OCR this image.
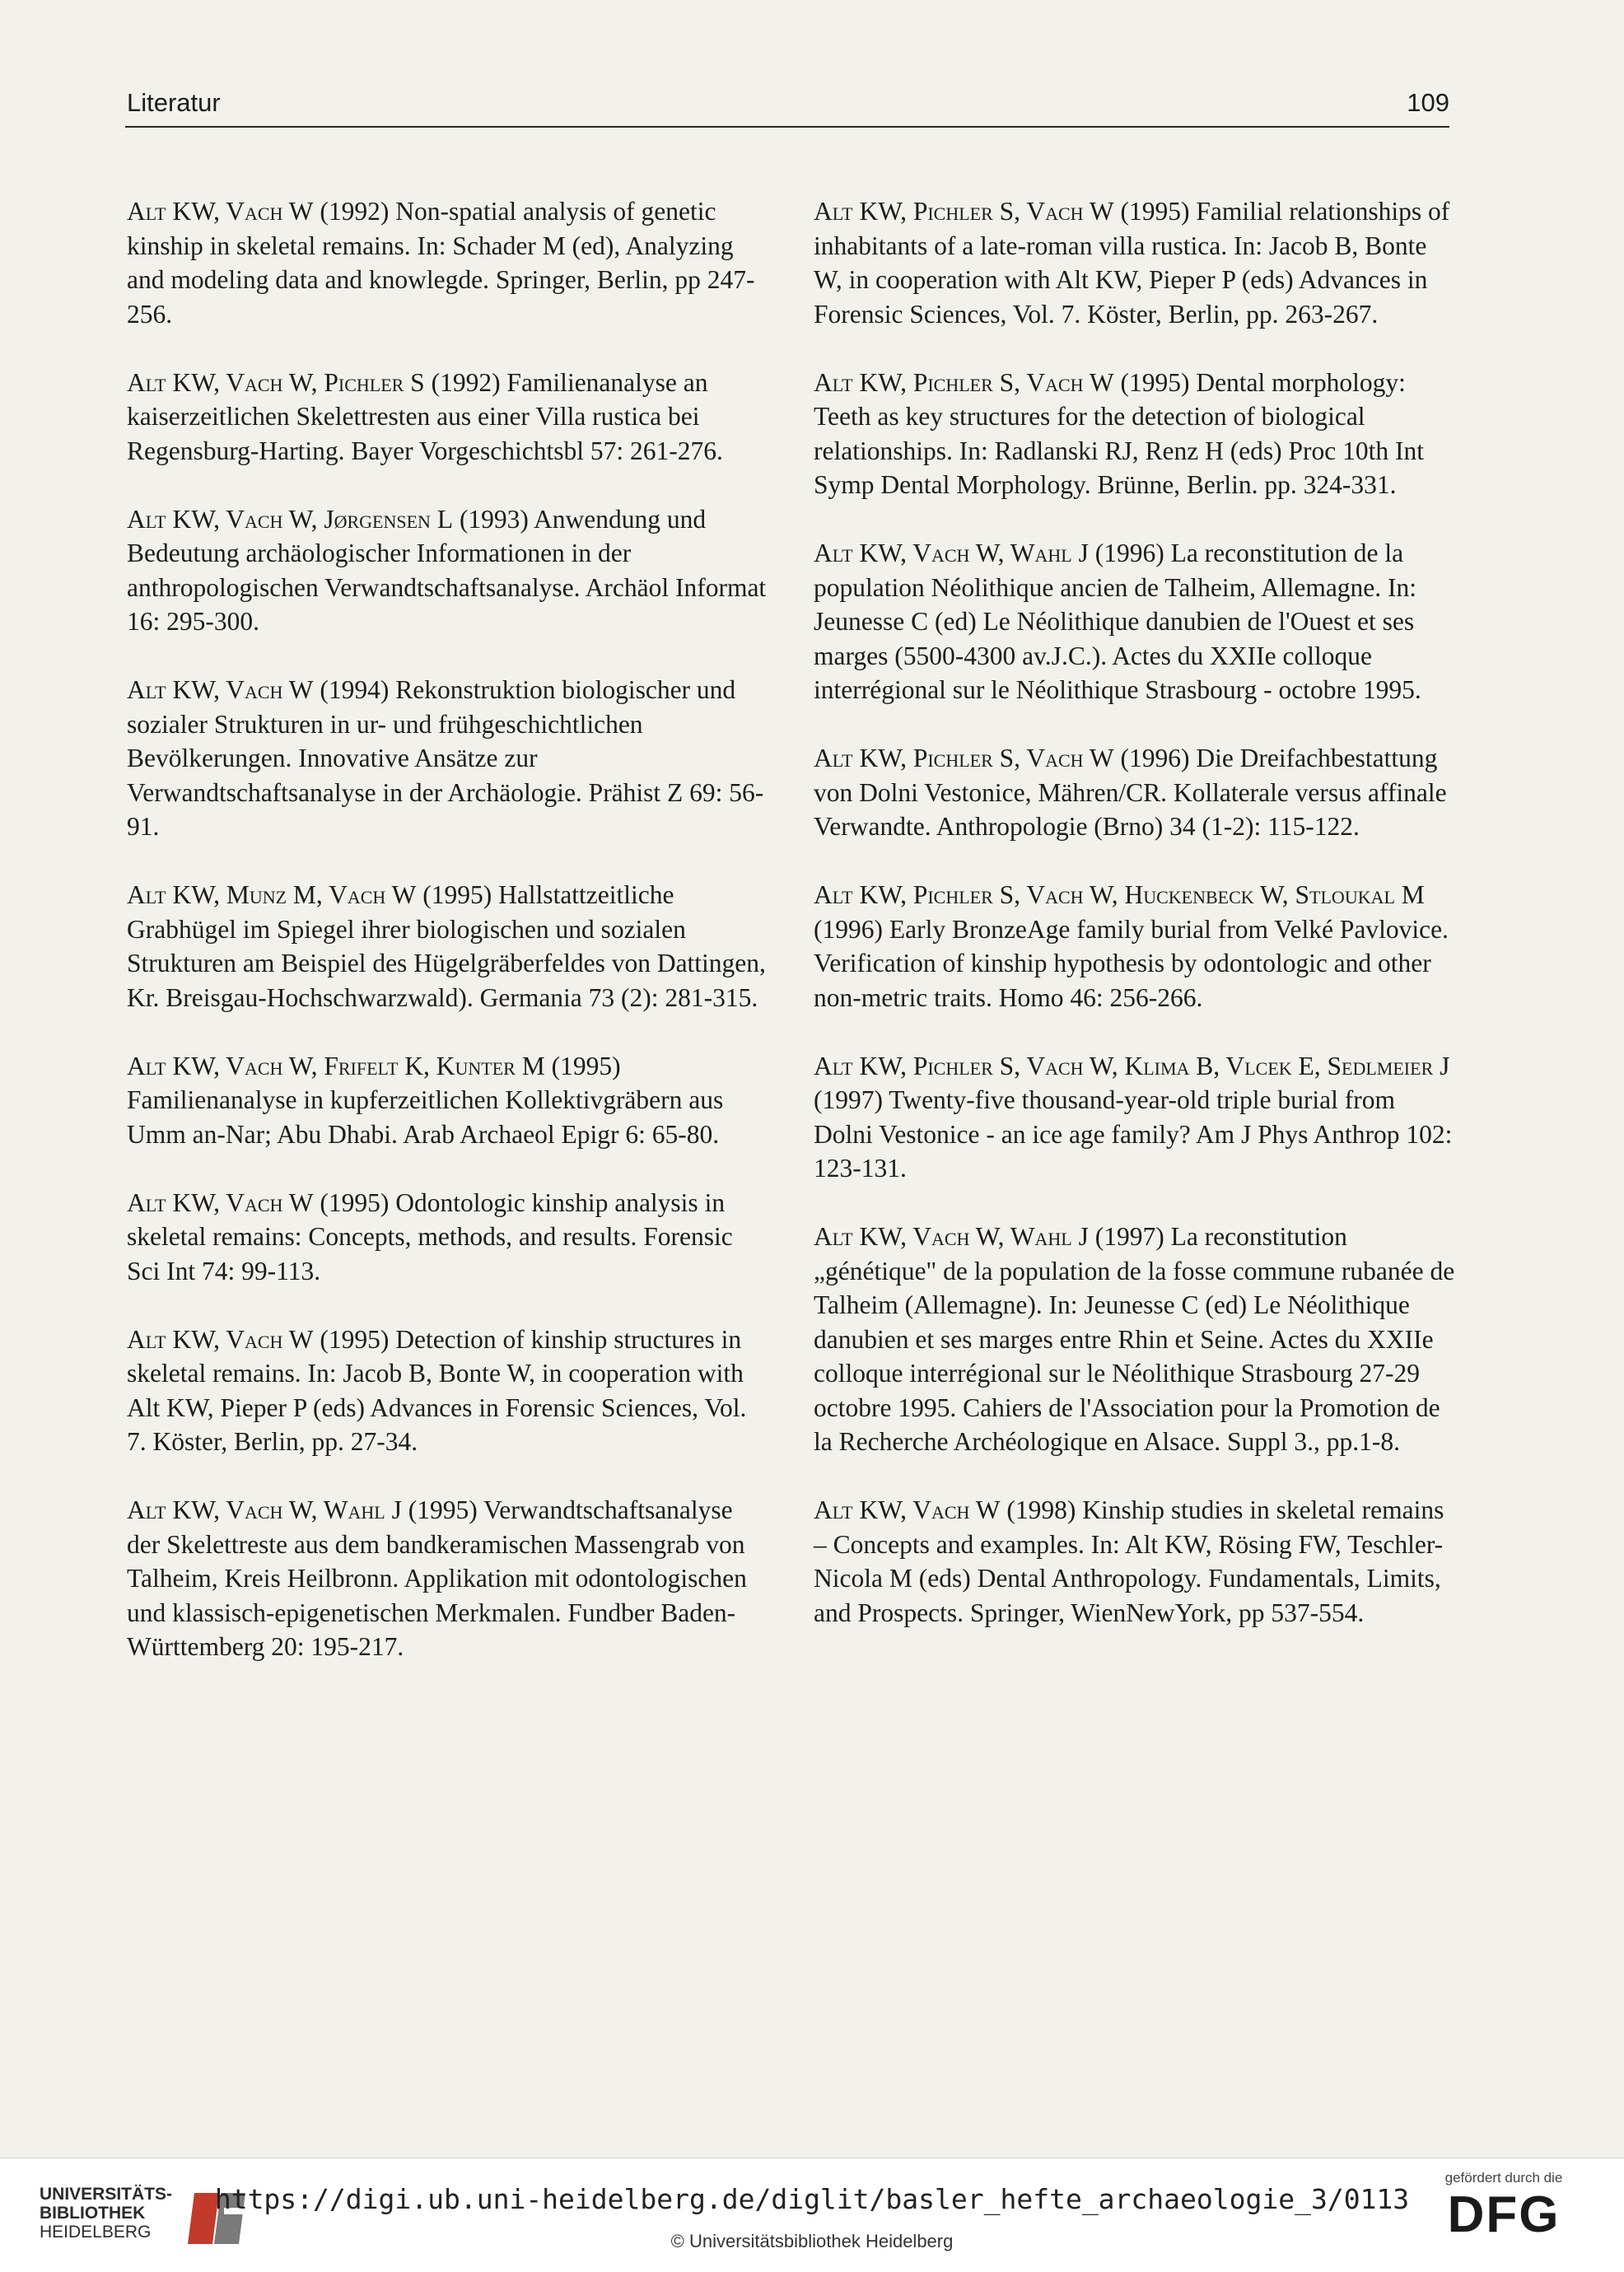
Literatur	109

Alt KW, Vach W (1992) Non-spatial analysis of genetic kinship in skeletal remains. In: Schader M (ed), Analyzing and modeling data and knowlegde. Springer, Berlin, pp 247-256.

Alt KW, Vach W, Pichler S (1992) Familienanalyse an kaiserzeitlichen Skelettresten aus einer Villa rustica bei Regensburg-Harting. Bayer Vorgeschichtsbl 57: 261-276.

Alt KW, Vach W, Jørgensen L (1993) Anwendung und Bedeutung archäologischer Informationen in der anthropologischen Verwandtschaftsanalyse. Archäol Informat 16: 295-300.

Alt KW, Vach W (1994) Rekonstruktion biologischer und sozialer Strukturen in ur- und frühgeschichtlichen Bevölkerungen. Innovative Ansätze zur Verwandtschaftsanalyse in der Archäologie. Prähist Z 69: 56-91.

Alt KW, Munz M, Vach W (1995) Hallstattzeitliche Grabhügel im Spiegel ihrer biologischen und sozialen Strukturen am Beispiel des Hügelgräberfeldes von Dattingen, Kr. Breisgau-Hochschwarzwald). Germania 73 (2): 281-315.

Alt KW, Vach W, Frifelt K, Kunter M (1995) Familienanalyse in kupferzeitlichen Kollektivgräbern aus Umm an-Nar; Abu Dhabi. Arab Archaeol Epigr 6: 65-80.

Alt KW, Vach W (1995) Odontologic kinship analysis in skeletal remains: Concepts, methods, and results. Forensic Sci Int 74: 99-113.

Alt KW, Vach W (1995) Detection of kinship structures in skeletal remains. In: Jacob B, Bonte W, in cooperation with Alt KW, Pieper P (eds) Advances in Forensic Sciences, Vol. 7. Köster, Berlin, pp. 27-34.

Alt KW, Vach W, Wahl J (1995) Verwandtschaftsanalyse der Skelettreste aus dem bandkeramischen Massengrab von Talheim, Kreis Heilbronn. Applikation mit odontologischen und klassisch-epigenetischen Merkmalen. Fundber Baden-Württemberg 20: 195-217.

Alt KW, Pichler S, Vach W (1995) Familial relationships of inhabitants of a late-roman villa rustica. In: Jacob B, Bonte W, in cooperation with Alt KW, Pieper P (eds) Advances in Forensic Sciences, Vol. 7. Köster, Berlin, pp. 263-267.

Alt KW, Pichler S, Vach W (1995) Dental morphology: Teeth as key structures for the detection of biological relationships. In: Radlanski RJ, Renz H (eds) Proc 10th Int Symp Dental Morphology. Brünne, Berlin. pp. 324-331.

Alt KW, Vach W, Wahl J (1996) La reconstitution de la population Néolithique ancien de Talheim, Allemagne. In: Jeunesse C (ed) Le Néolithique danubien de l'Ouest et ses marges (5500-4300 av.J.C.). Actes du XXIIe colloque interrégional sur le Néolithique Strasbourg - octobre 1995.

Alt KW, Pichler S, Vach W (1996) Die Dreifachbestattung von Dolni Vestonice, Mähren/CR. Kollaterale versus affinale Verwandte. Anthropologie (Brno) 34 (1-2): 115-122.

Alt KW, Pichler S, Vach W, Huckenbeck W, Stloukal M (1996) Early BronzeAge family burial from Velké Pavlovice. Verification of kinship hypothesis by odontologic and other non-metric traits. Homo 46: 256-266.

Alt KW, Pichler S, Vach W, Klima B, Vlcek E, Sedlmeier J (1997) Twenty-five thousand-year-old triple burial from Dolni Vestonice - an ice age family? Am J Phys Anthrop 102: 123-131.

Alt KW, Vach W, Wahl J (1997) La reconstitution „génétique" de la population de la fosse commune rubanée de Talheim (Allemagne). In: Jeunesse C (ed) Le Néolithique danubien et ses marges entre Rhin et Seine. Actes du XXIIe colloque interrégional sur le Néolithique Strasbourg 27-29 octobre 1995. Cahiers de l'Association pour la Promotion de la Recherche Archéologique en Alsace. Suppl 3., pp.1-8.

Alt KW, Vach W (1998) Kinship studies in skeletal remains – Concepts and examples. In: Alt KW, Rösing FW, Teschler-Nicola M (eds) Dental Anthropology. Fundamentals, Limits, and Prospects. Springer, WienNewYork, pp 537-554.

UNIVERSITÄTS-
BIBLIOTHEK
HEIDELBERG
https://digi.ub.uni-heidelberg.de/diglit/basler_hefte_archaeologie_3/0113
© Universitätsbibliothek Heidelberg
gefördert durch die
DFG
